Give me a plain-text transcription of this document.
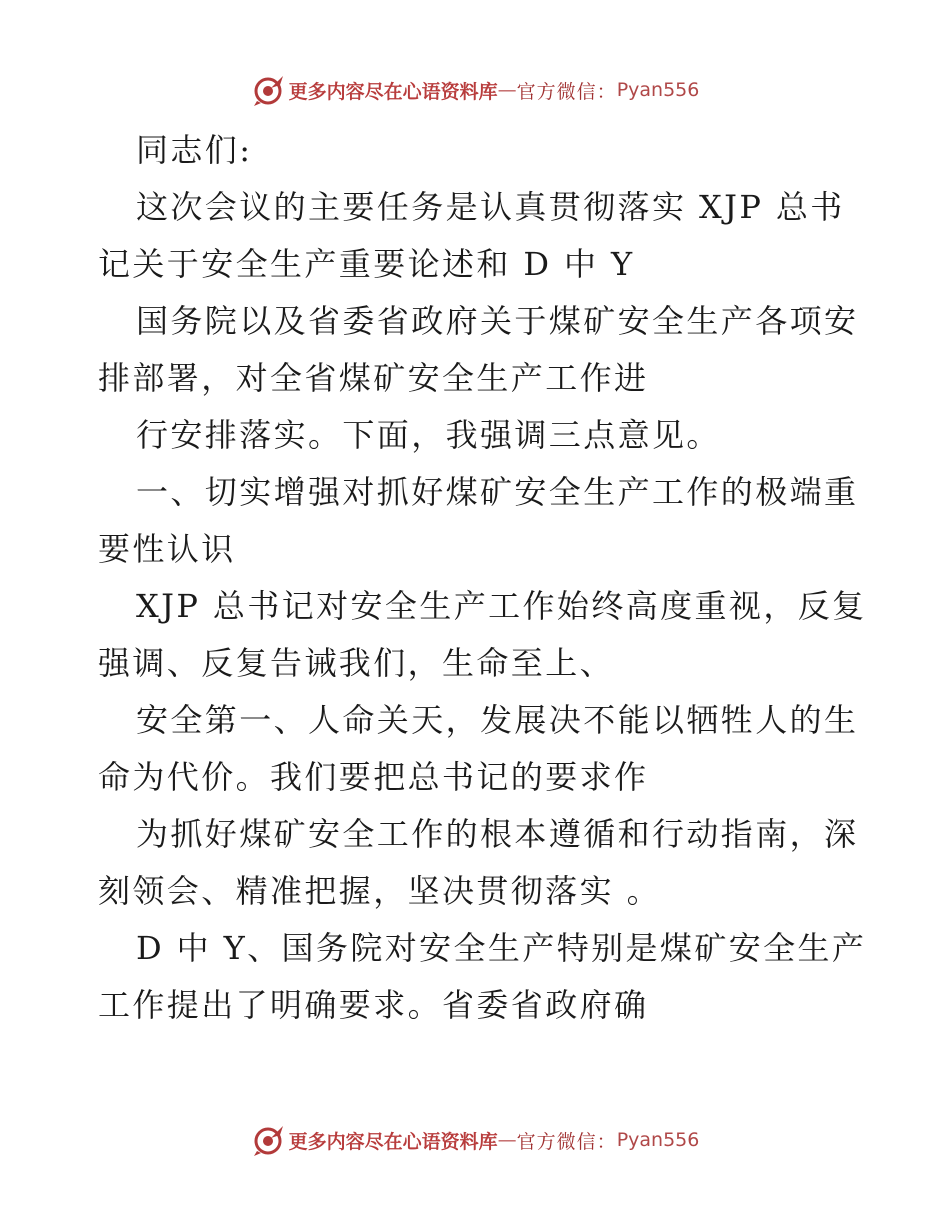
更多内容尽在心语资料库 — 官方微信： Pyan556
同志们:
这次会议的主要任务是认真贯彻落实 XJP 总书
记关于安全生产重要论述和 D 中 Y
国务院以及省委省政府关于煤矿安全生产各项安
排部署，对全省煤矿安全生产工作进
行安排落实。下面，我强调三点意见。
一、切实增强对抓好煤矿安全生产工作的极端重
要性认识
XJP 总书记对安全生产工作始终高度重视，反复
强调、反复告诫我们，生命至上、
安全第一、人命关天，发展决不能以牺牲人的生
命为代价。我们要把总书记的要求作
为抓好煤矿安全工作的根本遵循和行动指南，深
刻领会、精准把握，坚决贯彻落实 。
D 中 Y、国务院对安全生产特别是煤矿安全生产
工作提出了明确要求。省委省政府确
更多内容尽在心语资料库 — 官方微信： Pyan556
